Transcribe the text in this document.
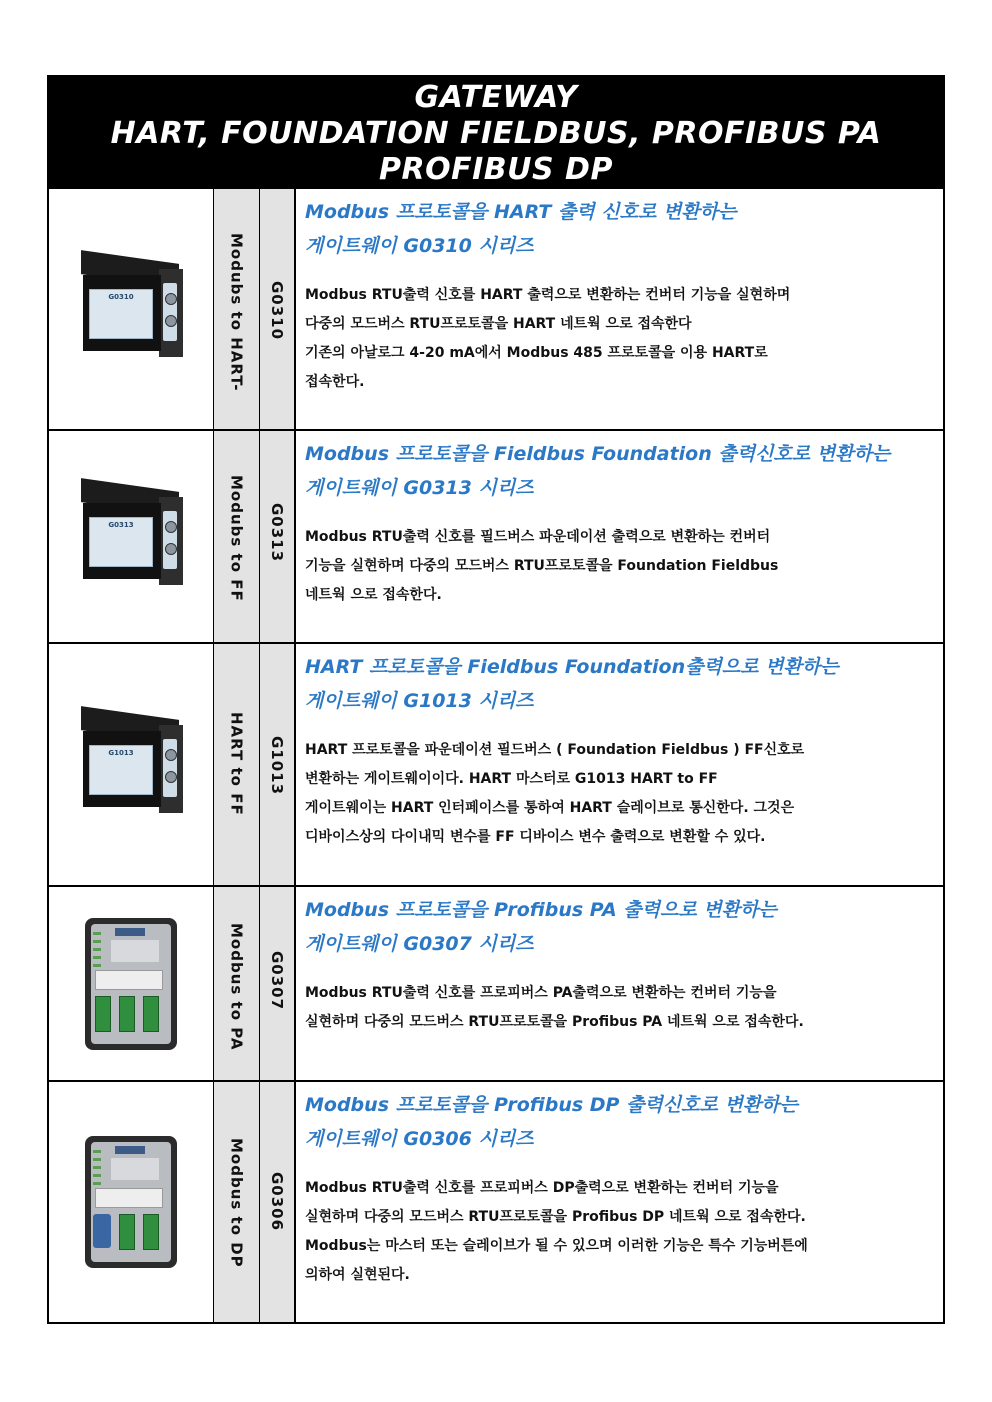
GATEWAY
HART, FOUNDATION FIELDBUS, PROFIBUS PA
PROFIBUS DP
G0310	Modubs to HART- G0310
Modbus 프로토콜을 HART 출력 신호로 변환하는
게이트웨이 G0310 시리즈
Modbus RTU출력 신호를 HART 출력으로 변환하는 컨버터 기능을 실현하며
다중의 모드버스 RTU프로토콜을 HART 네트웍 으로 접속한다
기존의 아날로그 4-20 mA에서 Modbus 485 프로토콜을 이용 HART로
접속한다.
G0313	Modubs to FF G0313
Modbus 프로토콜을 Fieldbus Foundation 출력신호로 변환하는
게이트웨이 G0313 시리즈
Modbus RTU출력 신호를 필드버스 파운데이션 출력으로 변환하는 컨버터
기능을 실현하며 다중의 모드버스 RTU프로토콜을 Foundation Fieldbus
네트웍 으로 접속한다.
G1013	HART to FF G1013
HART 프로토콜을 Fieldbus Foundation출력으로 변환하는
게이트웨이 G1013 시리즈
HART 프로토콜을 파운데이션 필드버스 ( Foundation Fieldbus ) FF신호로
변환하는 게이트웨이이다. HART 마스터로 G1013 HART to FF
게이트웨이는 HART 인터페이스를 통하여 HART 슬레이브로 통신한다. 그것은
디바이스상의 다이내믹 변수를 FF 디바이스 변수 출력으로 변환할 수 있다.
Modbus to PA G0307
Modbus 프로토콜을 Profibus PA 출력으로 변환하는
게이트웨이 G0307 시리즈
Modbus RTU출력 신호를 프로피버스 PA출력으로 변환하는 컨버터 기능을
실현하며 다중의 모드버스 RTU프로토콜을 Profibus PA 네트웍 으로 접속한다.
Modbus to DP G0306
Modbus 프로토콜을 Profibus DP 출력신호로 변환하는
게이트웨이 G0306 시리즈
Modbus RTU출력 신호를 프로피버스 DP출력으로 변환하는 컨버터 기능을
실현하며 다중의 모드버스 RTU프로토콜을 Profibus DP 네트웍 으로 접속한다.
Modbus는 마스터 또는 슬레이브가 될 수 있으며 이러한 기능은 특수 기능버튼에
의하여 실현된다.
